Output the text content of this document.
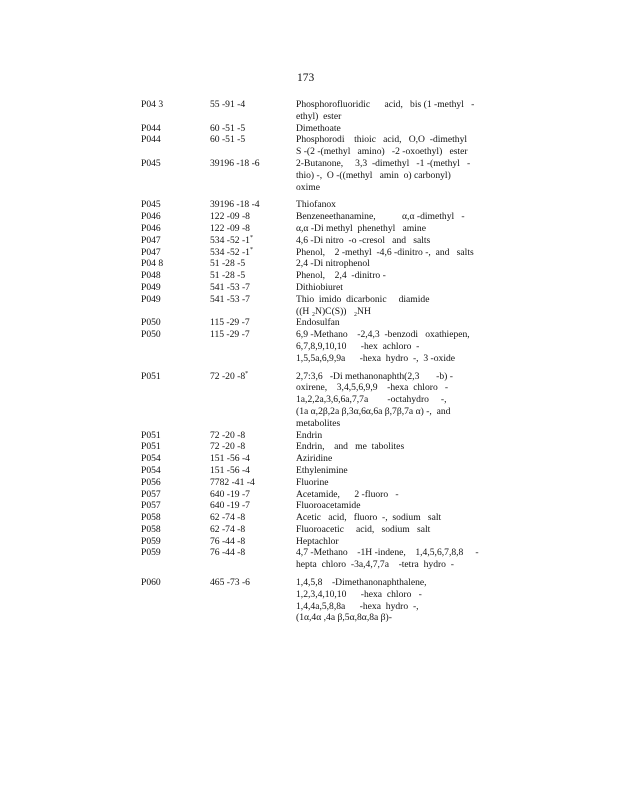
173
P04 3	55 -91 -4	Phosphorofluoridic      acid,   bis (1 -methyl   -
ethyl)  ester

P044	60 -51 -5	Dimethoate

P044	60 -51 -5	Phosphorodi    thioic   acid,   O,O  -dimethyl
S -(2 -(methyl   amino)   -2 -oxoethyl)   ester

P045	39196 -18 -6	2-Butanone,     3,3  -dimethyl   -1 -(methyl   -
thio) -,  O -((methyl   amin  o) carbonyl)
oxime

P045	39196 -18 -4	Thiofanox

P046	122 -09 -8	Benzeneethanamine,           α,α -dimethyl   -

P046	122 -09 -8	α,α -Di methyl  phenethyl   amine

P047	534 -52 -1*	4,6 -Di nitro  -o -cresol   and   salts

P047	534 -52 -1*	Phenol,    2 -methyl  -4,6 -dinitro -,  and   salts

P04 8	51 -28 -5	2,4 -Di nitrophenol

P048	51 -28 -5	Phenol,    2,4  -dinitro -

P049	541 -53 -7	Dithiobiuret

P049	541 -53 -7	Thio  imido  dicarbonic     diamide
((H ₂N)C(S))   ₂NH

P050	115 -29 -7	Endosulfan

P050	115 -29 -7	6,9 -Methano    -2,4,3  -benzodi   oxathiepen,
6,7,8,9,10,10      -hex  achloro  -
1,5,5a,6,9,9a      -hexa  hydro  -,  3 -oxide

P051	72 -20 -8*	2,7:3,6   -Di methanonaphth(2,3       -b) -
oxirene,    3,4,5,6,9,9    -hexa  chloro   -
1a,2,2a,3,6,6a,7,7a        -octahydro     -,
(1a α,2β,2a β,3α,6α,6a β,7β,7a α) -,  and
metabolites

P051	72 -20 -8	Endrin

P051	72 -20 -8	Endrin,    and   me  tabolites

P054	151 -56 -4	Aziridine

P054	151 -56 -4	Ethylenimine

P056	7782 -41 -4	Fluorine

P057	640 -19 -7	Acetamide,      2 -fluoro   -

P057	640 -19 -7	Fluoroacetamide

P058	62 -74 -8	Acetic   acid,   fluoro  -,  sodium   salt

P058	62 -74 -8	Fluoroacetic     acid,   sodium   salt

P059	76 -44 -8	Heptachlor

P059	76 -44 -8	4,7 -Methano    -1H -indene,    1,4,5,6,7,8,8     -
hepta  chloro  -3a,4,7,7a    -tetra  hydro  -

P060	465 -73 -6	1,4,5,8    -Dimethanonaphthalene,
1,2,3,4,10,10      -hexa  chloro   -
1,4,4a,5,8,8a      -hexa  hydro  -,
(1α,4α ,4a β,5α,8α,8a β)-
